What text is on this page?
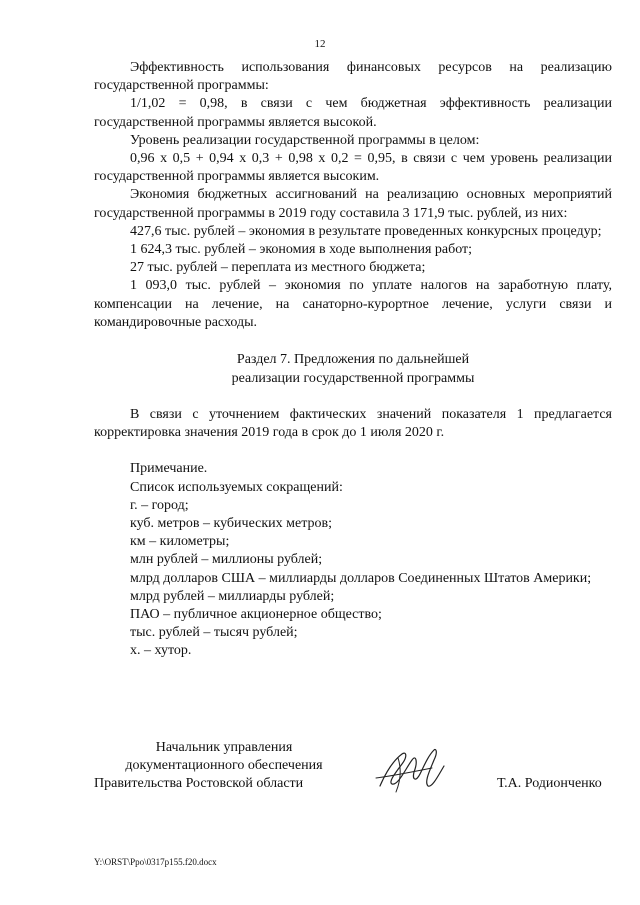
12

Эффективность использования финансовых ресурсов на реализацию государственной программы:

1/1,02 = 0,98, в связи с чем бюджетная эффективность реализации государственной программы является высокой.

Уровень реализации государственной программы в целом:

0,96 х 0,5 + 0,94 х 0,3 + 0,98 х 0,2 = 0,95, в связи с чем уровень реализации государственной программы является высоким.

Экономия бюджетных ассигнований на реализацию основных мероприятий государственной программы в 2019 году составила 3 171,9 тыс. рублей, из них:

427,6 тыс. рублей – экономия в результате проведенных конкурсных процедур;

1 624,3 тыс. рублей – экономия в ходе выполнения работ;

27 тыс. рублей – переплата из местного бюджета;

1 093,0 тыс. рублей – экономия по уплате налогов на заработную плату, компенсации на лечение, на санаторно-курортное лечение, услуги связи и командировочные расходы.

Раздел 7. Предложения по дальнейшей

реализации государственной программы

В связи с уточнением фактических значений показателя 1 предлагается корректировка значения 2019 года в срок до 1 июля 2020 г.

Примечание.

Список используемых сокращений:

г. – город;

куб. метров – кубических метров;

км – километры;

млн рублей – миллионы рублей;

млрд долларов США – миллиарды долларов Соединенных Штатов Америки;

млрд рублей – миллиарды рублей;

ПАО – публичное акционерное общество;

тыс. рублей – тысяч рублей;

х. – хутор.

Начальник управления
документационного обеспечения
Правительства Ростовской области	Т.А. Родионченко
Y:\ORST\Ppo\0317p155.f20.docx
